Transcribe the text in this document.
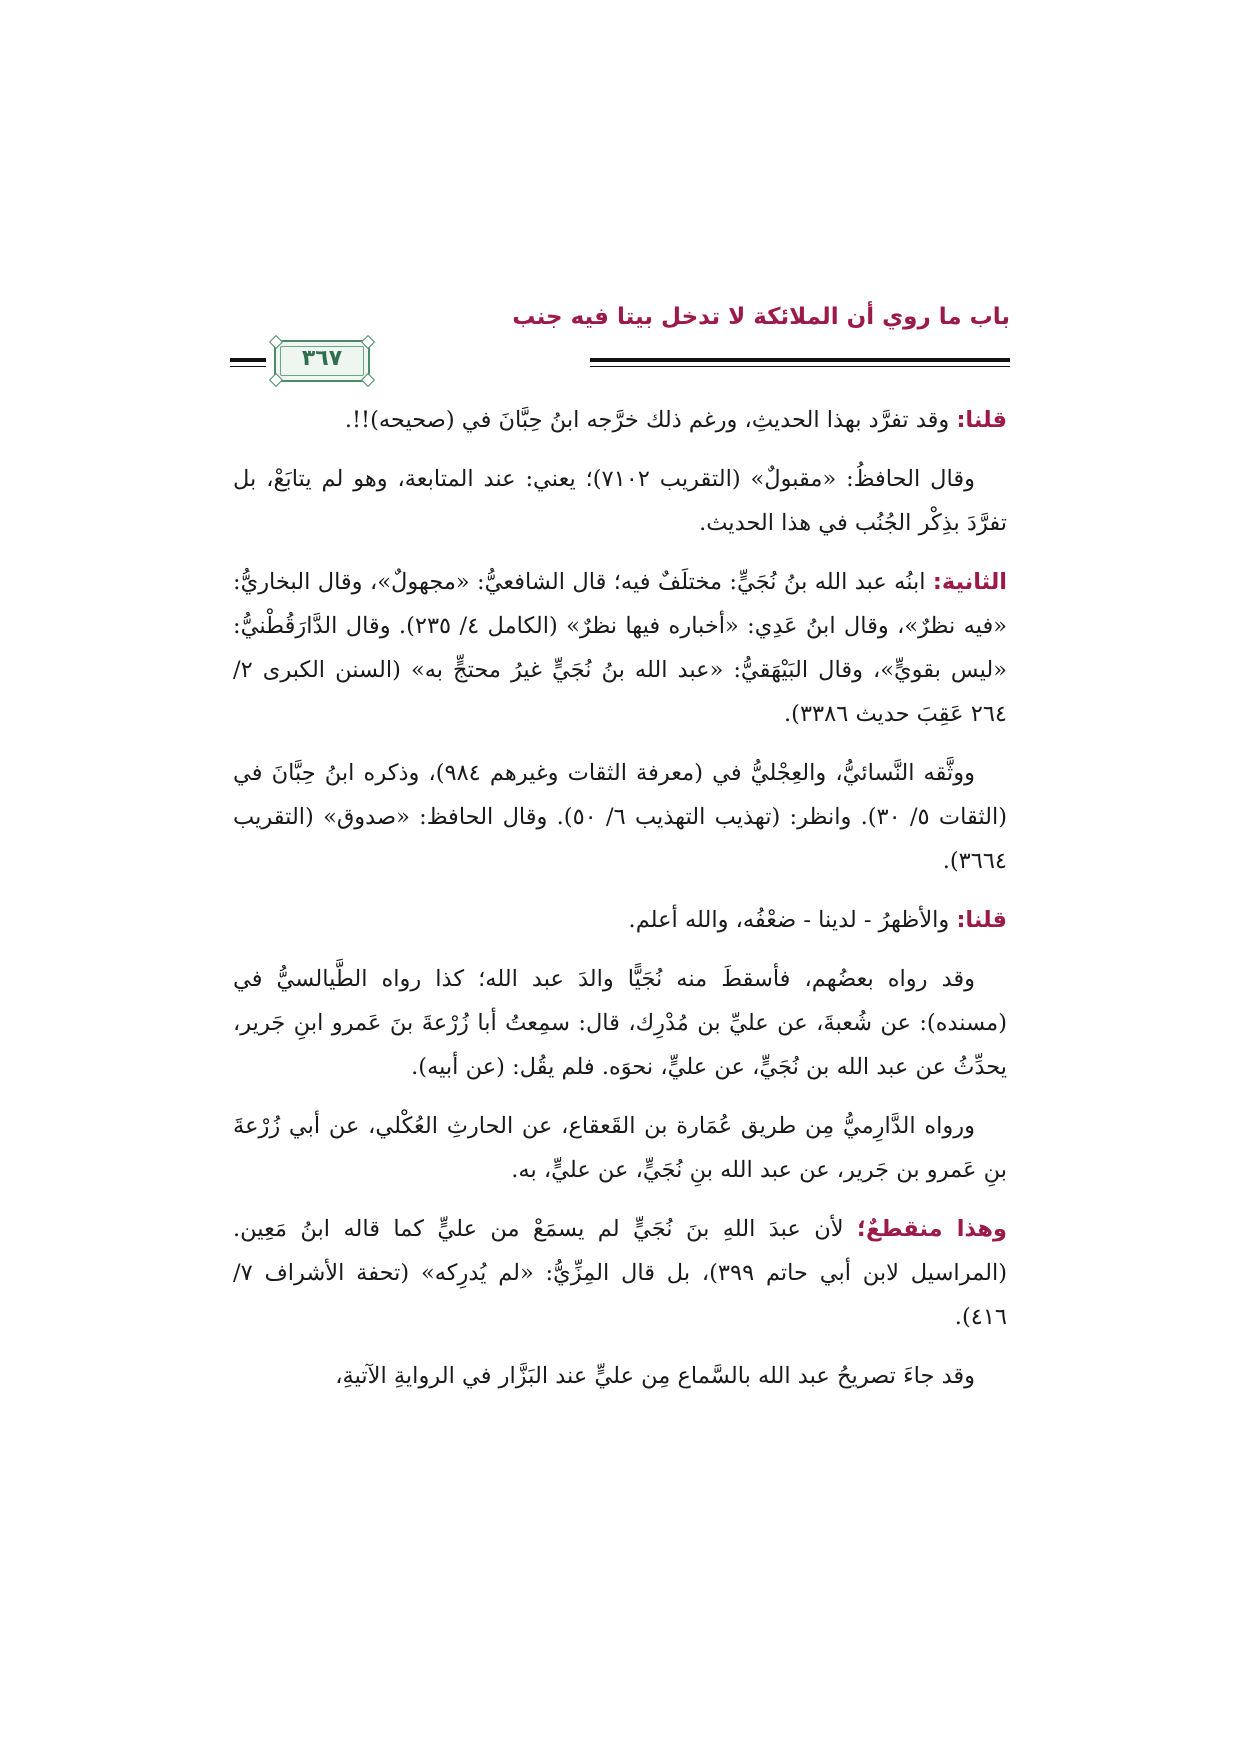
باب ما روي أن الملائكة لا تدخل بيتا فيه جنب
٣٦٧

قلنا: وقد تفرَّد بهذا الحديثِ، ورغم ذلك خرَّجه ابنُ حِبَّانَ في (صحيحه)!!.

وقال الحافظُ: «مقبولٌ» (التقريب ٧١٠٢)؛ يعني: عند المتابعة، وهو لم يتابَعْ، بل تفرَّدَ بذِكْر الجُنُب في هذا الحديث.

الثانية: ابنُه عبد الله بنُ نُجَيٍّ: مختلَفٌ فيه؛ قال الشافعيُّ: «مجهولٌ»، وقال البخاريُّ: «فيه نظرٌ»، وقال ابنُ عَدِي: «أخباره فيها نظرٌ» (الكامل ٤/ ٢٣٥). وقال الدَّارَقُطْنيُّ: «ليس بقويٍّ»، وقال البَيْهَقيُّ: «عبد الله بنُ نُجَيٍّ غيرُ محتجٍّ به» (السنن الكبرى ٢/ ٢٦٤ عَقِبَ حديث ٣٣٨٦).

ووثَّقه النَّسائيُّ، والعِجْليُّ في (معرفة الثقات وغيرهم ٩٨٤)، وذكره ابنُ حِبَّانَ في (الثقات ٥/ ٣٠). وانظر: (تهذيب التهذيب ٦/ ٥٠). وقال الحافظ: «صدوق» (التقريب ٣٦٦٤).

قلنا: والأظهرُ - لدينا - ضعْفُه، والله أعلم.

وقد رواه بعضُهم، فأسقطَ منه نُجَيًّا والدَ عبد الله؛ كذا رواه الطَّيالسيُّ في (مسنده): عن شُعبةَ، عن عليِّ بن مُدْرِك، قال: سمِعتُ أبا زُرْعةَ بنَ عَمرو ابنِ جَرير، يحدِّثُ عن عبد الله بن نُجَيٍّ، عن عليٍّ، نحوَه. فلم يقُل: (عن أبيه).

ورواه الدَّارِميُّ مِن طريق عُمَارة بن القَعقاع، عن الحارثِ العُكْلي، عن أبي زُرْعةَ بنِ عَمرو بن جَرير، عن عبد الله بنِ نُجَيٍّ، عن عليٍّ، به.

وهذا منقطعٌ؛ لأن عبدَ اللهِ بنَ نُجَيٍّ لم يسمَعْ من عليٍّ كما قاله ابنُ مَعِين. (المراسيل لابن أبي حاتم ٣٩٩)، بل قال المِزِّيُّ: «لم يُدرِكه» (تحفة الأشراف ٧/ ٤١٦).

وقد جاءَ تصريحُ عبد الله بالسَّماع مِن عليٍّ عند البَزَّار في الروايةِ الآتيةِ،
